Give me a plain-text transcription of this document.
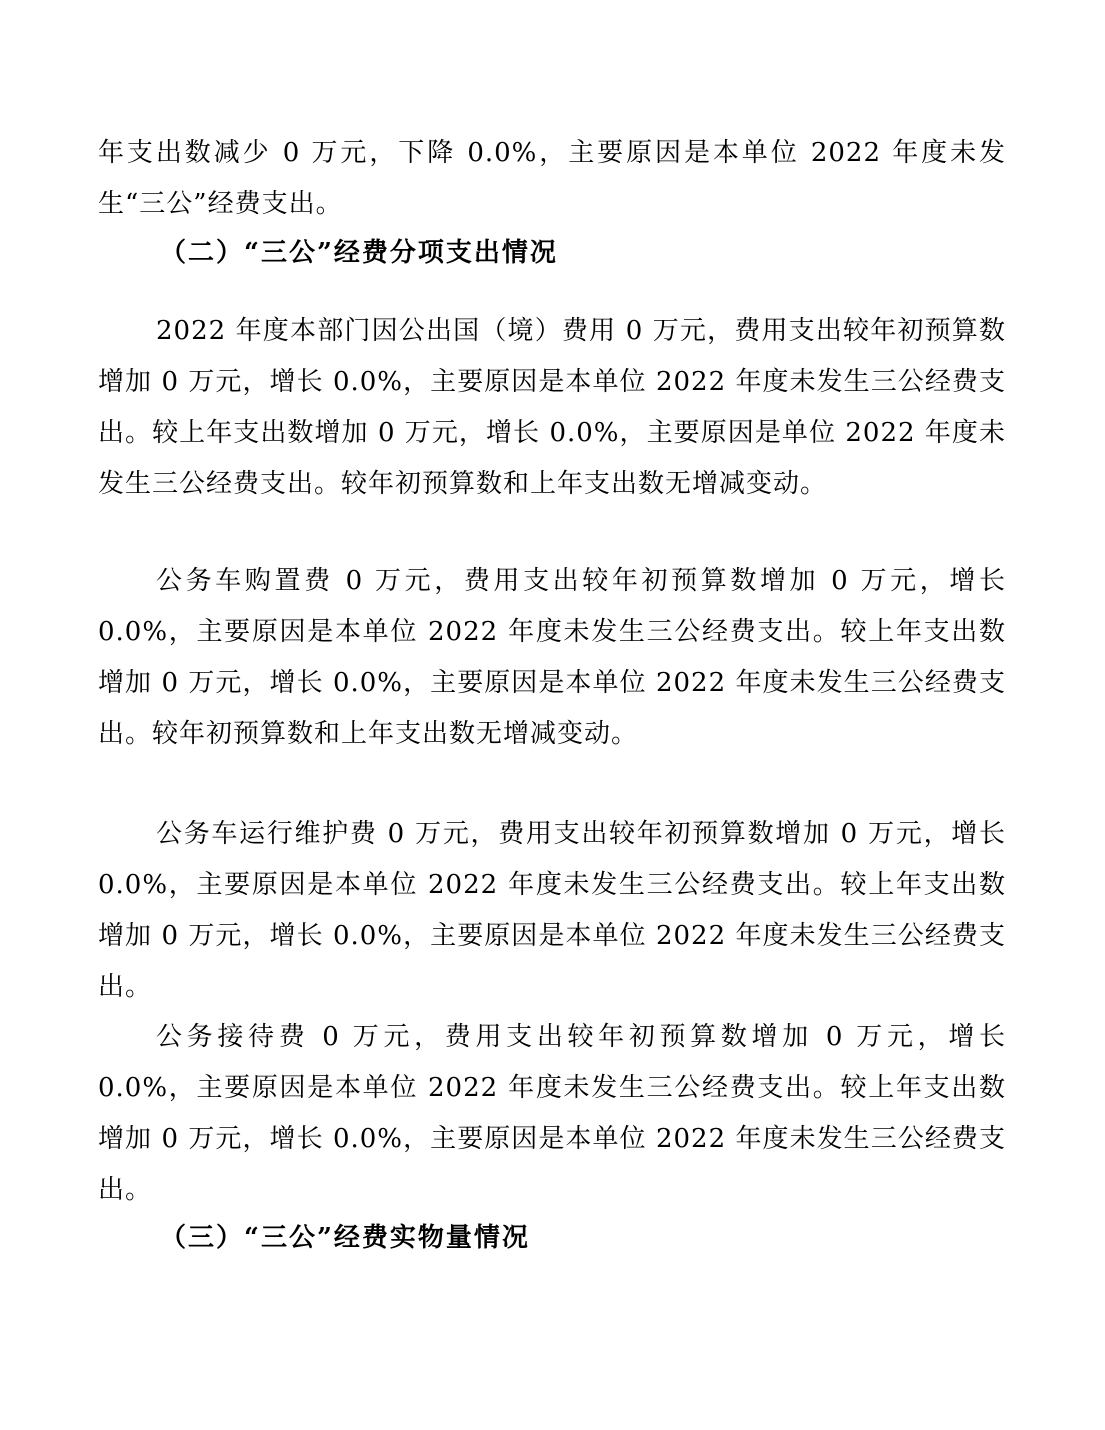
年支出数减少 0 万元，下降 0.0%，主要原因是本单位 2022 年度未发生“三公”经费支出。

（二）“三公”经费分项支出情况

2022 年度本部门因公出国（境）费用 0 万元，费用支出较年初预算数增加 0 万元，增长 0.0%，主要原因是本单位 2022 年度未发生三公经费支出。较上年支出数增加 0 万元，增长 0.0%，主要原因是单位 2022 年度未发生三公经费支出。较年初预算数和上年支出数无增减变动。

公务车购置费 0 万元，费用支出较年初预算数增加 0 万元，增长 0.0%，主要原因是本单位 2022 年度未发生三公经费支出。较上年支出数增加 0 万元，增长 0.0%，主要原因是本单位 2022 年度未发生三公经费支出。较年初预算数和上年支出数无增减变动。

公务车运行维护费 0 万元，费用支出较年初预算数增加 0 万元，增长 0.0%，主要原因是本单位 2022 年度未发生三公经费支出。较上年支出数增加 0 万元，增长 0.0%，主要原因是本单位 2022 年度未发生三公经费支出。

公务接待费 0 万元，费用支出较年初预算数增加 0 万元，增长 0.0%，主要原因是本单位 2022 年度未发生三公经费支出。较上年支出数增加 0 万元，增长 0.0%，主要原因是本单位 2022 年度未发生三公经费支出。

（三）“三公”经费实物量情况
